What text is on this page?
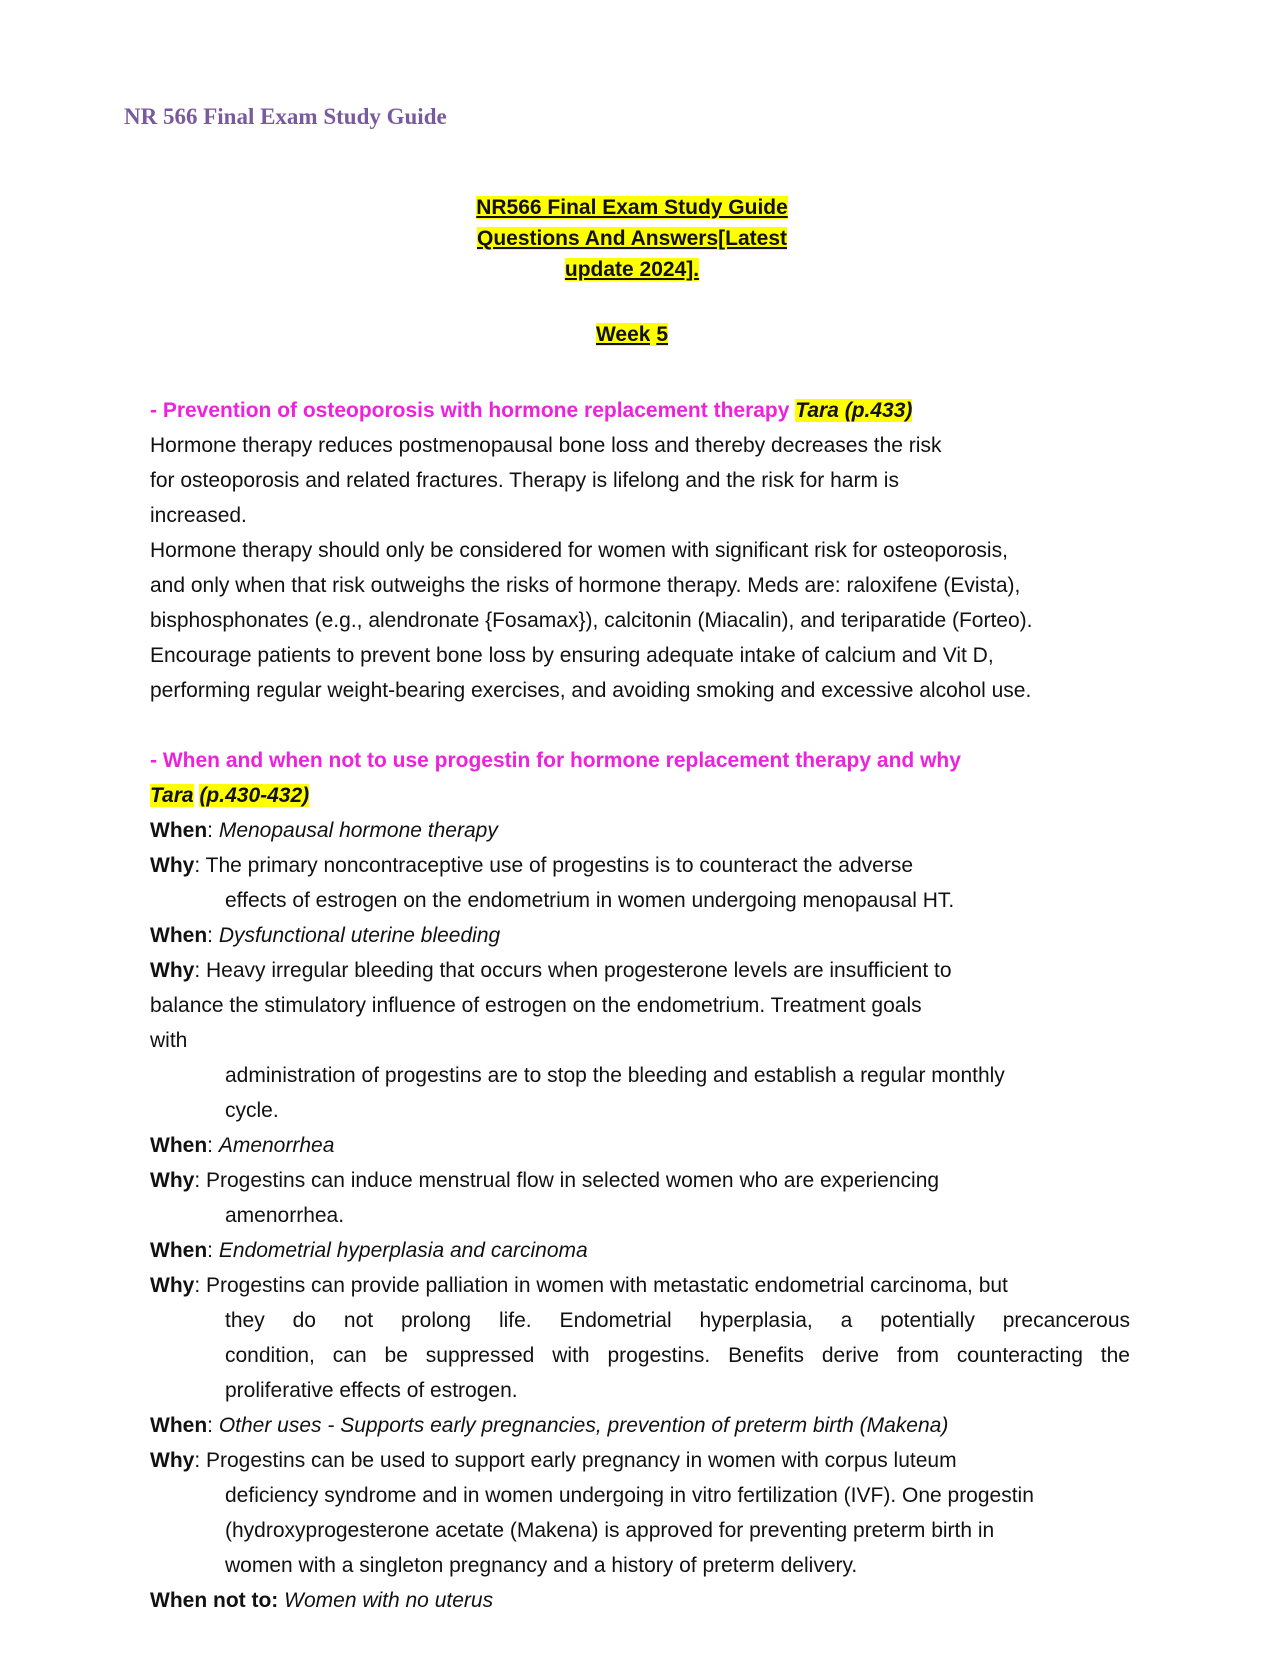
NR 566 Final Exam Study Guide
NR566 Final Exam Study Guide
Questions And Answers[Latest
update 2024].
Week 5

- Prevention of osteoporosis with hormone replacement therapy Tara (p.433)

Hormone therapy reduces postmenopausal bone loss and thereby decreases the risk

for osteoporosis and related fractures. Therapy is lifelong and the risk for harm is

increased.

Hormone therapy should only be considered for women with significant risk for osteoporosis,

and only when that risk outweighs the risks of hormone therapy. Meds are: raloxifene (Evista),

bisphosphonates (e.g., alendronate {Fosamax}), calcitonin (Miacalin), and teriparatide (Forteo).

Encourage patients to prevent bone loss by ensuring adequate intake of calcium and Vit D,

performing regular weight-bearing exercises, and avoiding smoking and excessive alcohol use.

- When and when not to use progestin for hormone replacement therapy and why

Tara (p.430-432)

When: Menopausal hormone therapy

Why: The primary noncontraceptive use of progestins is to counteract the adverse

effects of estrogen on the endometrium in women undergoing menopausal HT.

When: Dysfunctional uterine bleeding

Why: Heavy irregular bleeding that occurs when progesterone levels are insufficient to

balance the stimulatory influence of estrogen on the endometrium. Treatment goals

with

administration of progestins are to stop the bleeding and establish a regular monthly

cycle.

When: Amenorrhea

Why: Progestins can induce menstrual flow in selected women who are experiencing

amenorrhea.

When: Endometrial hyperplasia and carcinoma

Why: Progestins can provide palliation in women with metastatic endometrial carcinoma, but

they do not prolong life. Endometrial hyperplasia, a potentially precancerous

condition, can be suppressed with progestins. Benefits derive from counteracting the

proliferative effects of estrogen.

When: Other uses - Supports early pregnancies, prevention of preterm birth (Makena)

Why: Progestins can be used to support early pregnancy in women with corpus luteum

deficiency syndrome and in women undergoing in vitro fertilization (IVF). One progestin

(hydroxyprogesterone acetate (Makena) is approved for preventing preterm birth in

women with a singleton pregnancy and a history of preterm delivery.

When not to: Women with no uterus
